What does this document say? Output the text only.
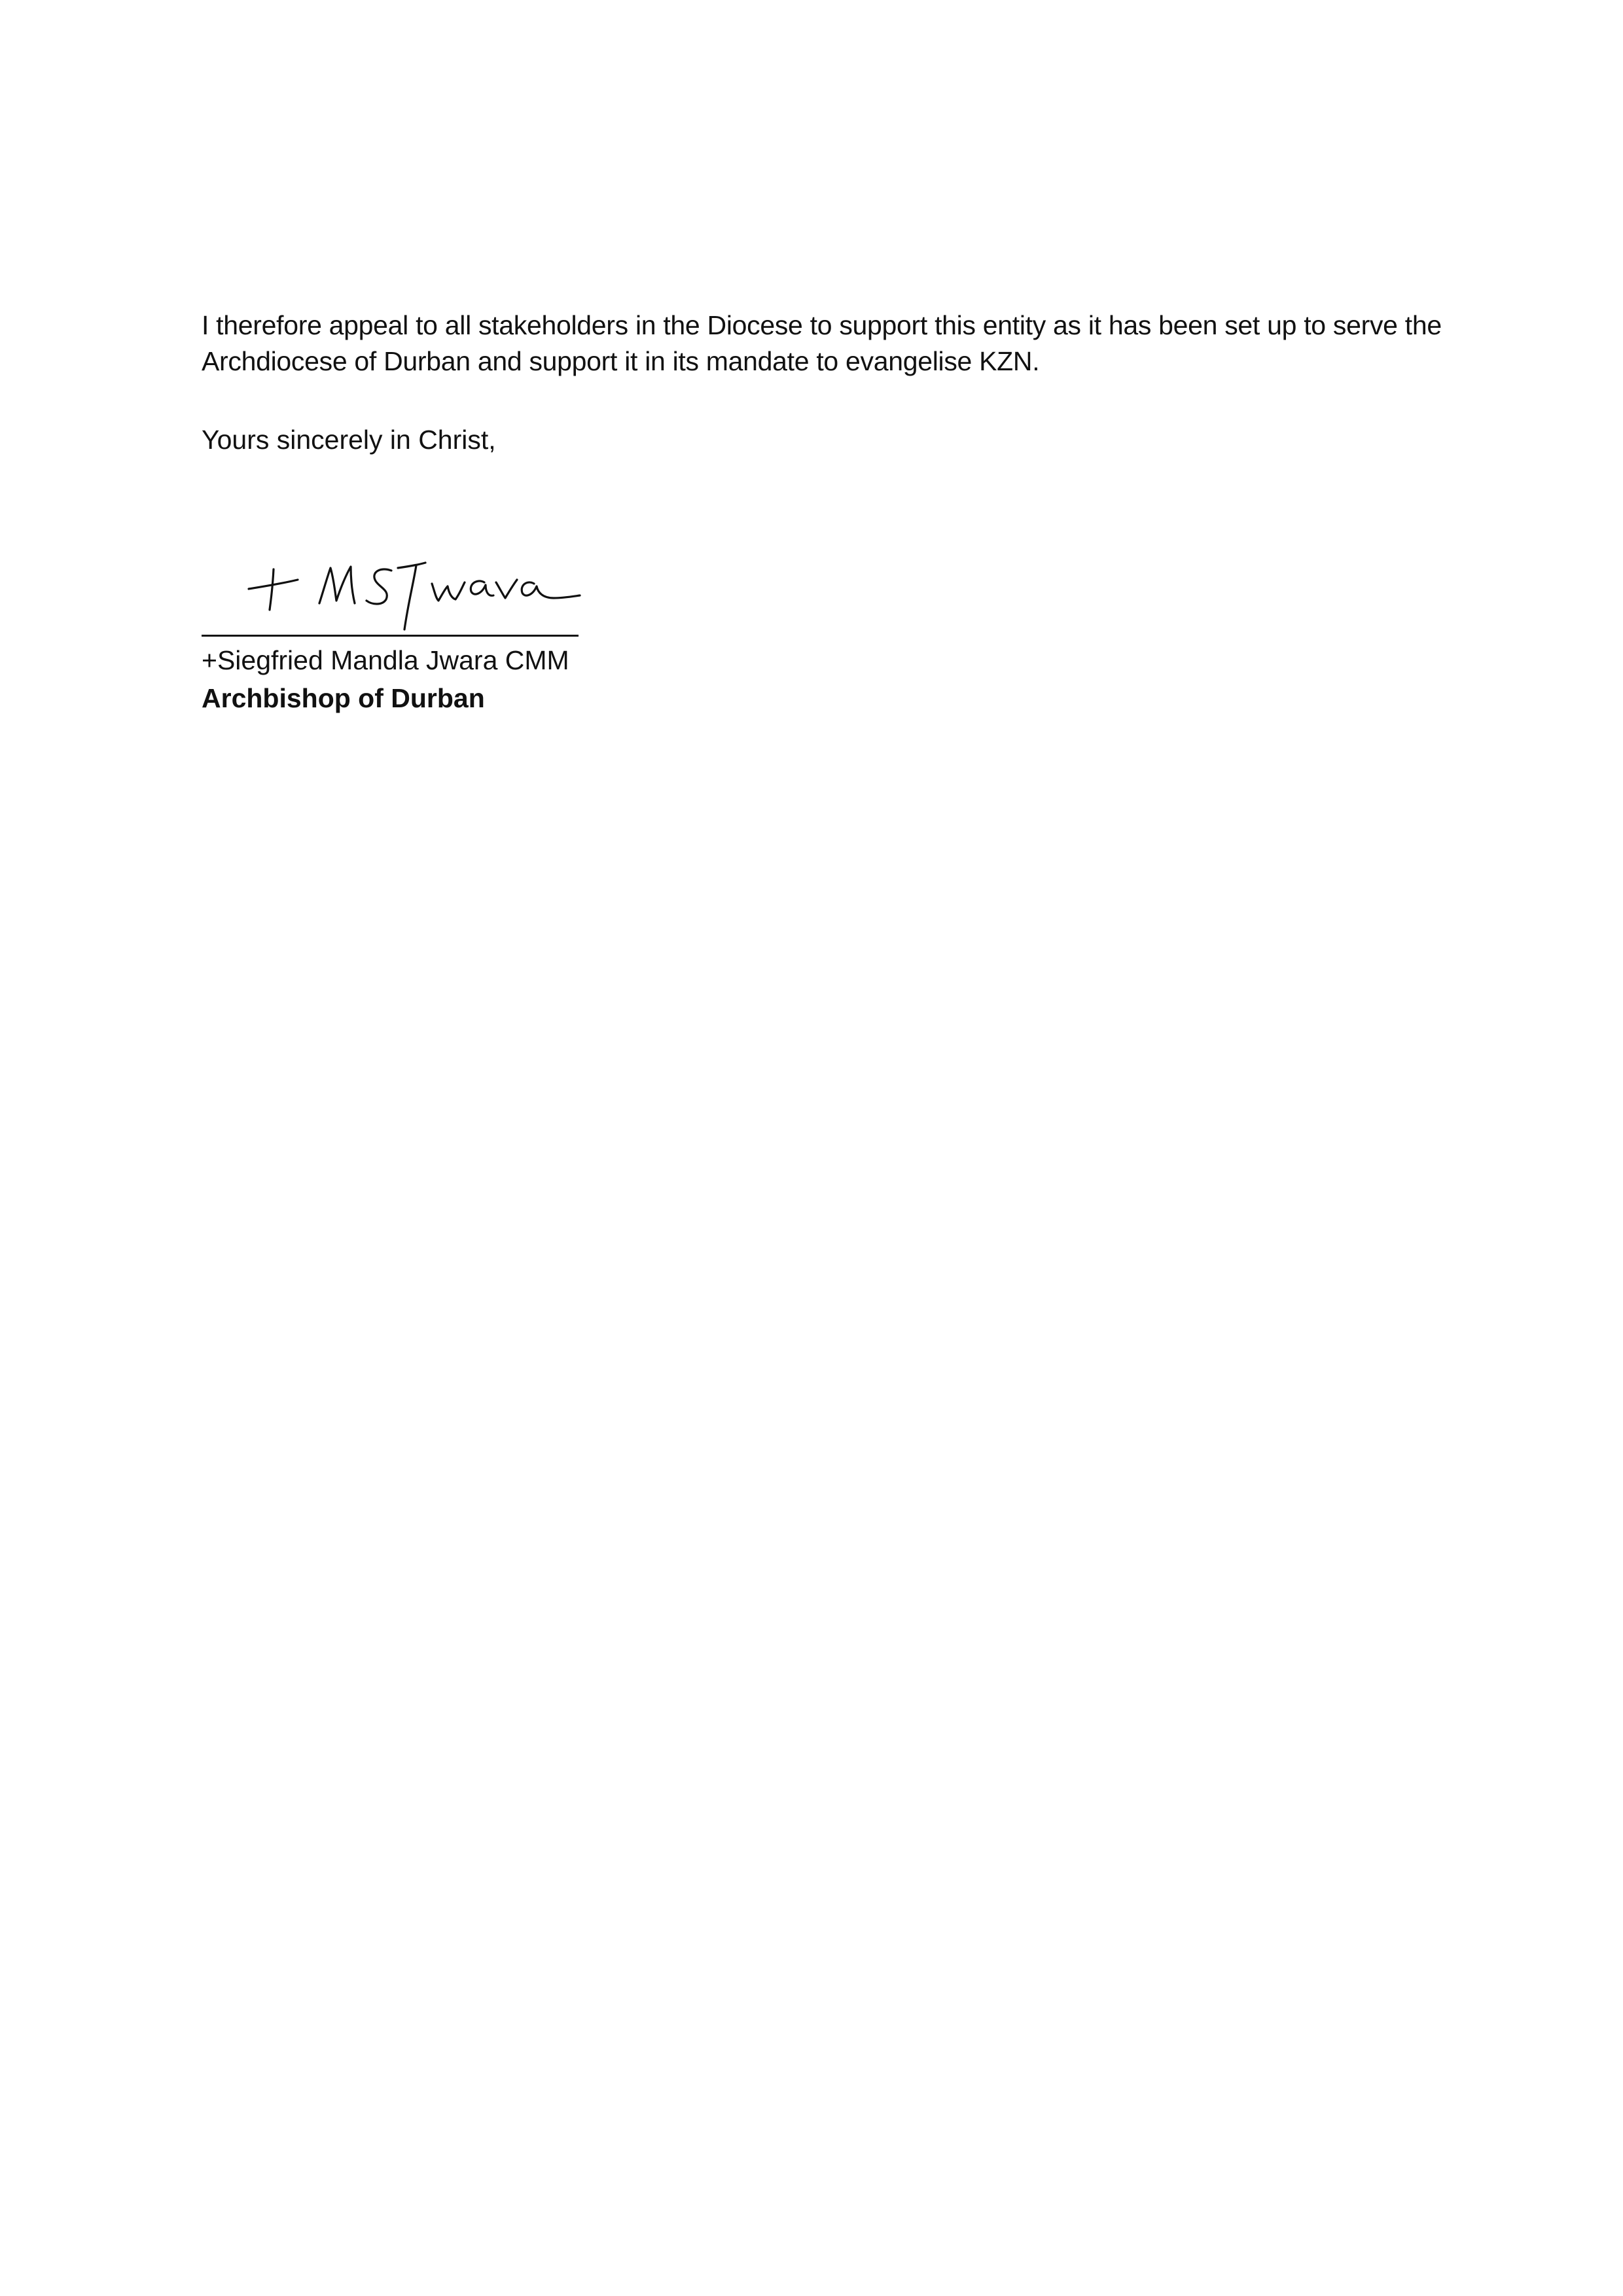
I therefore appeal to all stakeholders in the Diocese to support this entity as it has been set up to serve the Archdiocese of Durban and support it in its mandate to evangelise KZN.
Yours sincerely in Christ,
+Siegfried Mandla Jwara CMM
Archbishop of Durban
